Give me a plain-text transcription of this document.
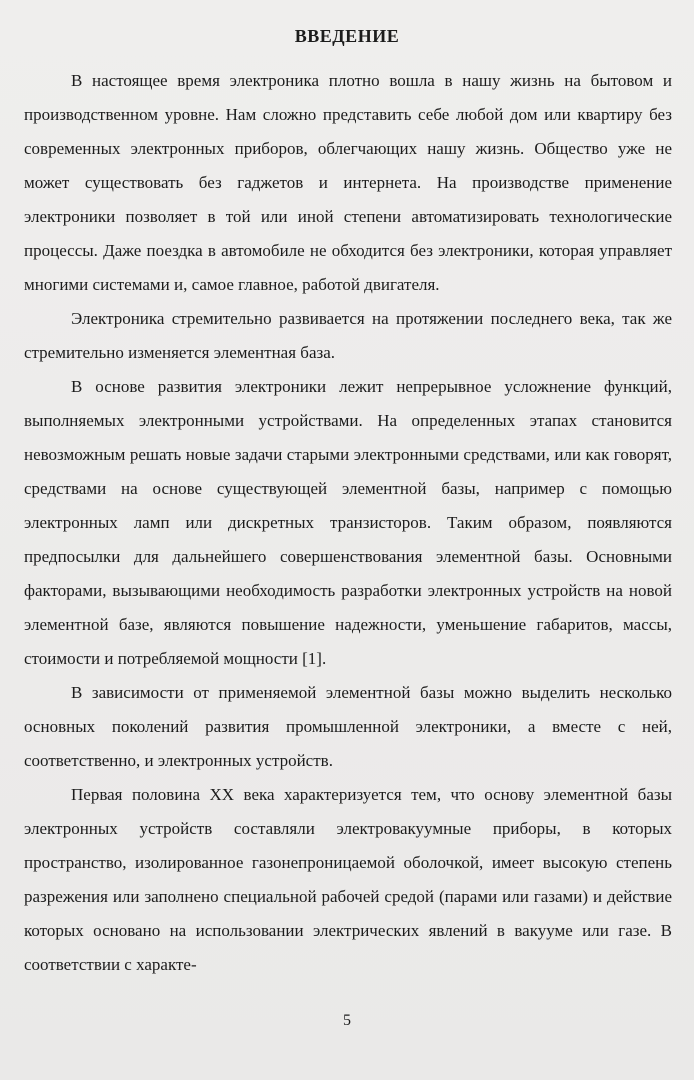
ВВЕДЕНИЕ

В настоящее время электроника плотно вошла в нашу жизнь на бытовом и производственном уровне. Нам сложно представить себе любой дом или квартиру без современных электронных приборов, облегчающих нашу жизнь. Общество уже не может существовать без гаджетов и интернета. На производстве применение электроники позволяет в той или иной степени автоматизировать технологические процессы. Даже поездка в автомобиле не обходится без электроники, которая управляет многими системами и, самое главное, работой двигателя.

Электроника стремительно развивается на протяжении последнего века, так же стремительно изменяется элементная база.

В основе развития электроники лежит непрерывное усложнение функций, выполняемых электронными устройствами. На определенных этапах становится невозможным решать новые задачи старыми электронными средствами, или как говорят, средствами на основе существующей элементной базы, например с помощью электронных ламп или дискретных транзисторов. Таким образом, появляются предпосылки для дальнейшего совершенствования элементной базы. Основными факторами, вызывающими необходимость разработки электронных устройств на новой элементной базе, являются повышение надежности, уменьшение габаритов, массы, стоимости и потребляемой мощности [1].

В зависимости от применяемой элементной базы можно выделить несколько основных поколений развития промышленной электроники, а вместе с ней, соответственно, и электронных устройств.

Первая половина XX века характеризуется тем, что основу элементной базы электронных устройств составляли электровакуумные приборы, в которых пространство, изолированное газонепроницаемой оболочкой, имеет высокую степень разрежения или заполнено специальной рабочей средой (парами или газами) и действие которых основано на использовании электрических явлений в вакууме или газе. В соответствии с характе-

5
